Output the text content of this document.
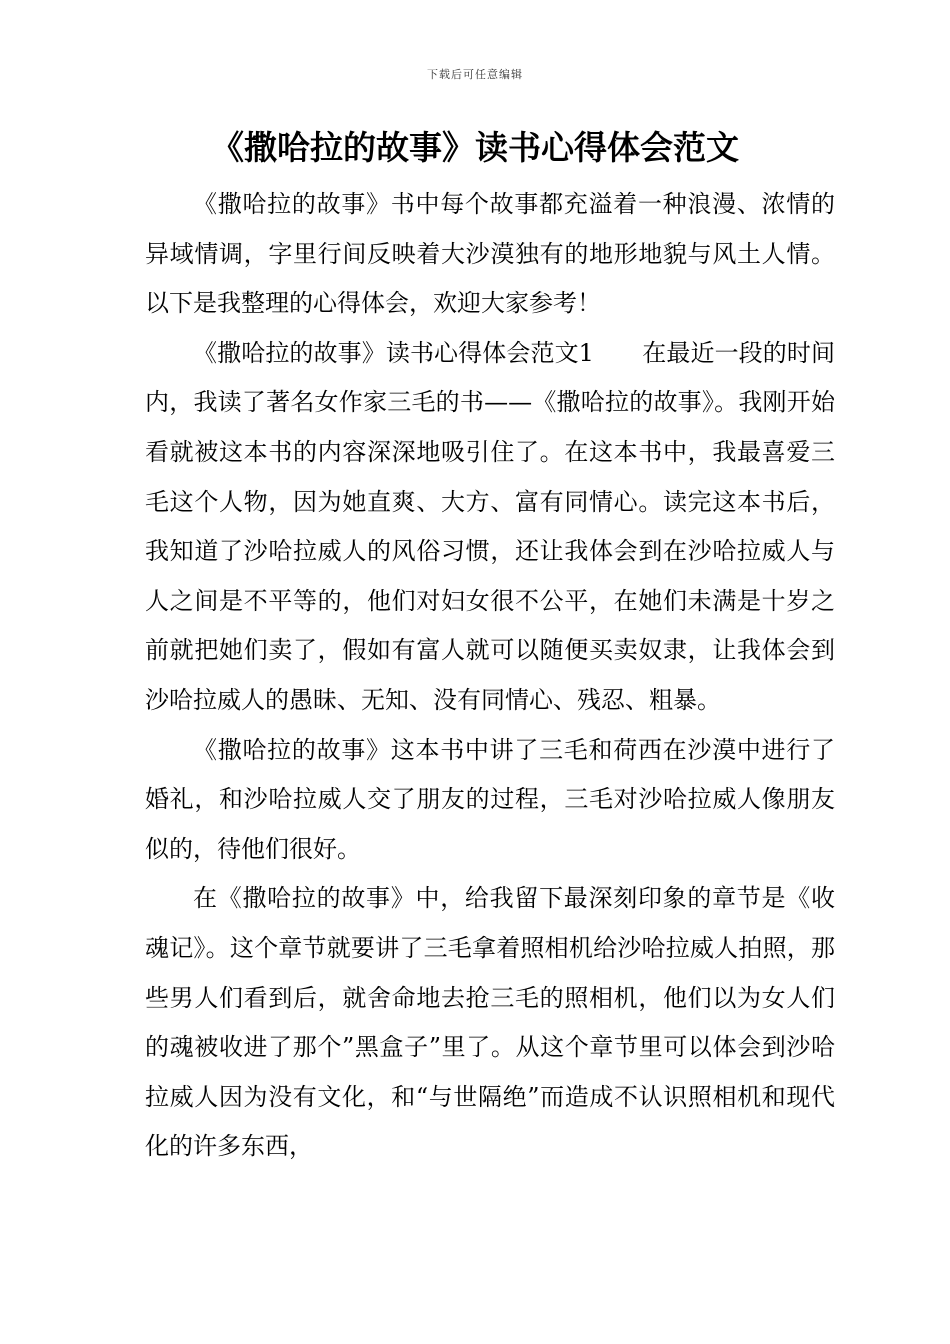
下载后可任意编辑
《撒哈拉的故事》读书心得体会范文

《撒哈拉的故事》书中每个故事都充溢着一种浪漫、浓情的异域情调，字里行间反映着大沙漠独有的地形地貌与风土人情。以下是我整理的心得体会，欢迎大家参考！

《撒哈拉的故事》读书心得体会范文1　　在最近一段的时间内，我读了著名女作家三毛的书——《撒哈拉的故事》。我刚开始看就被这本书的内容深深地吸引住了。在这本书中，我最喜爱三毛这个人物，因为她直爽、大方、富有同情心。读完这本书后，我知道了沙哈拉威人的风俗习惯，还让我体会到在沙哈拉威人与人之间是不平等的，他们对妇女很不公平，在她们未满是十岁之前就把她们卖了，假如有富人就可以随便买卖奴隶，让我体会到沙哈拉威人的愚昧、无知、没有同情心、残忍、粗暴。

《撒哈拉的故事》这本书中讲了三毛和荷西在沙漠中进行了婚礼，和沙哈拉威人交了朋友的过程，三毛对沙哈拉威人像朋友似的，待他们很好。

在《撒哈拉的故事》中，给我留下最深刻印象的章节是《收魂记》。这个章节就要讲了三毛拿着照相机给沙哈拉威人拍照，那些男人们看到后，就舍命地去抢三毛的照相机，他们以为女人们的魂被收进了那个”黑盒子”里了。从这个章节里可以体会到沙哈拉威人因为没有文化，和“与世隔绝”而造成不认识照相机和现代化的许多东西，
